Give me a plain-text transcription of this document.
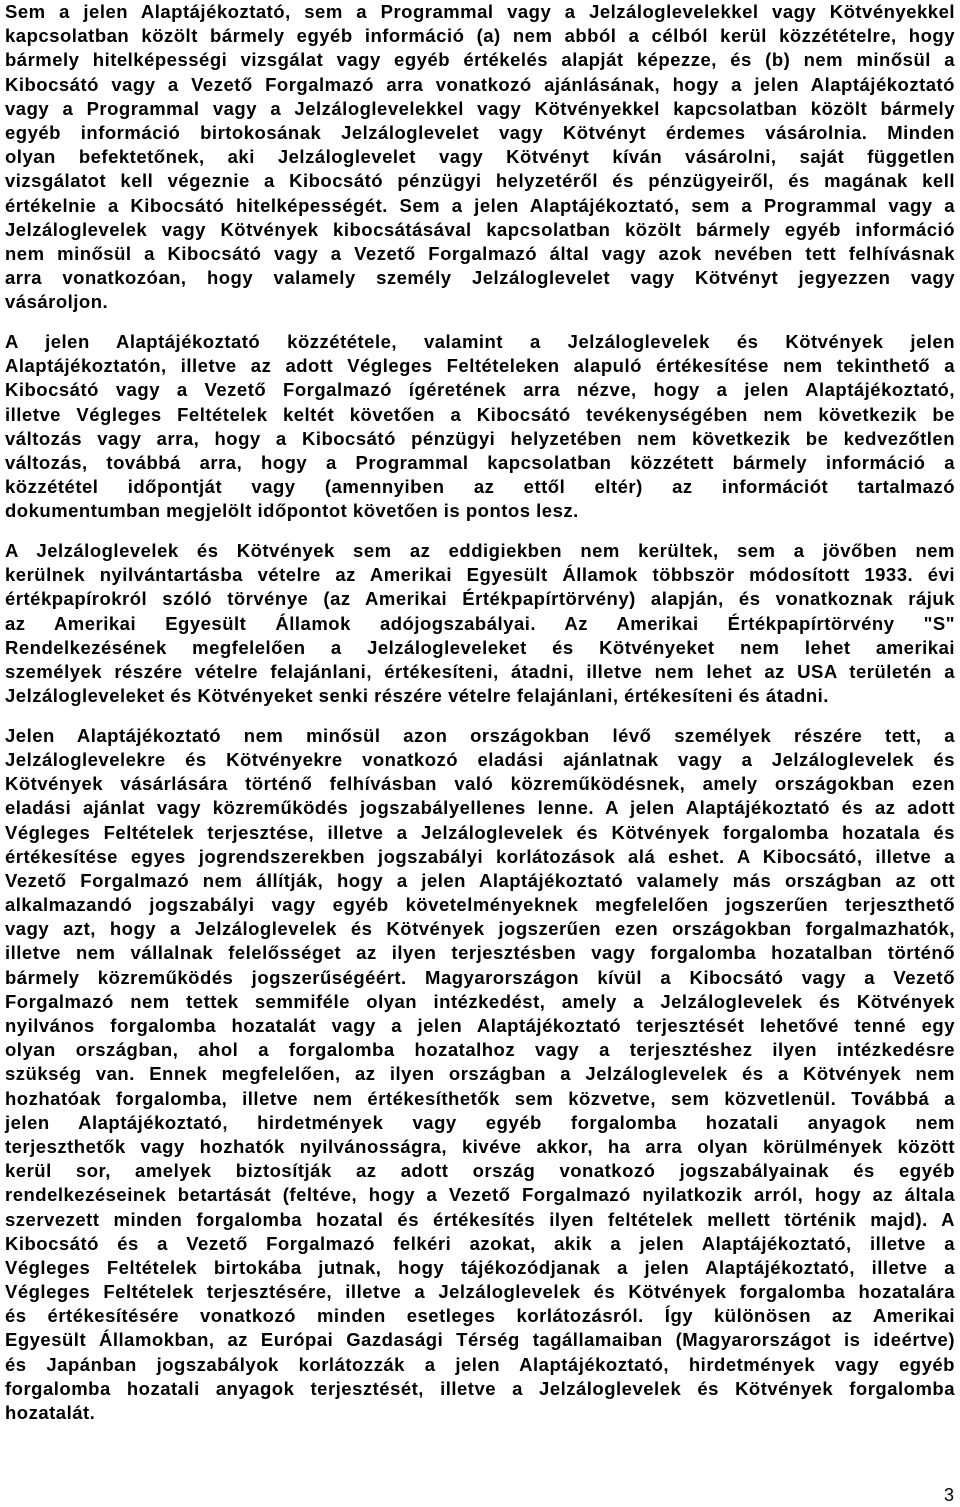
Sem a jelen Alaptájékoztató, sem a Programmal vagy a Jelzáloglevelekkel vagy Kötvényekkel
kapcsolatban közölt bármely egyéb információ (a) nem abból a célból kerül közzétételre, hogy
bármely hitelképességi vizsgálat vagy egyéb értékelés alapját képezze, és (b) nem minősül a
Kibocsátó vagy a Vezető Forgalmazó arra vonatkozó ajánlásának, hogy a jelen Alaptájékoztató
vagy a Programmal vagy a Jelzáloglevelekkel vagy Kötvényekkel kapcsolatban közölt bármely
egyéb információ birtokosának Jelzáloglevelet vagy Kötvényt érdemes vásárolnia. Minden
olyan befektetőnek, aki Jelzáloglevelet vagy Kötvényt kíván vásárolni, saját független
vizsgálatot kell végeznie a Kibocsátó pénzügyi helyzetéről és pénzügyeiről, és magának kell
értékelnie a Kibocsátó hitelképességét. Sem a jelen Alaptájékoztató, sem a Programmal vagy a
Jelzáloglevelek vagy Kötvények kibocsátásával kapcsolatban közölt bármely egyéb információ
nem minősül a Kibocsátó vagy a Vezető Forgalmazó által vagy azok nevében tett felhívásnak
arra vonatkozóan, hogy valamely személy Jelzáloglevelet vagy Kötvényt jegyezzen vagy
vásároljon.
A jelen Alaptájékoztató közzététele, valamint a Jelzáloglevelek és Kötvények jelen
Alaptájékoztatón, illetve az adott Végleges Feltételeken alapuló értékesítése nem tekinthető a
Kibocsátó vagy a Vezető Forgalmazó ígéretének arra nézve, hogy a jelen Alaptájékoztató,
illetve Végleges Feltételek keltét követően a Kibocsátó tevékenységében nem következik be
változás vagy arra, hogy a Kibocsátó pénzügyi helyzetében nem következik be kedvezőtlen
változás, továbbá arra, hogy a Programmal kapcsolatban közzétett bármely információ a
közzététel időpontját vagy (amennyiben az ettől eltér) az információt tartalmazó
dokumentumban megjelölt időpontot követően is pontos lesz.
A Jelzáloglevelek és Kötvények sem az eddigiekben nem kerültek, sem a jövőben nem
kerülnek nyilvántartásba vételre az Amerikai Egyesült Államok többször módosított 1933. évi
értékpapírokról szóló törvénye (az Amerikai Értékpapírtörvény) alapján, és vonatkoznak rájuk
az Amerikai Egyesült Államok adójogszabályai. Az Amerikai Értékpapírtörvény "S"
Rendelkezésének megfelelően a Jelzálogleveleket és Kötvényeket nem lehet amerikai
személyek részére vételre felajánlani, értékesíteni, átadni, illetve nem lehet az USA területén a
Jelzálogleveleket és Kötvényeket senki részére vételre felajánlani, értékesíteni és átadni.
Jelen Alaptájékoztató nem minősül azon országokban lévő személyek részére tett, a
Jelzáloglevelekre és Kötvényekre vonatkozó eladási ajánlatnak vagy a Jelzáloglevelek és
Kötvények vásárlására történő felhívásban való közreműködésnek, amely országokban ezen
eladási ajánlat vagy közreműködés jogszabályellenes lenne. A jelen Alaptájékoztató és az adott
Végleges Feltételek terjesztése, illetve a Jelzáloglevelek és Kötvények forgalomba hozatala és
értékesítése egyes jogrendszerekben jogszabályi korlátozások alá eshet. A Kibocsátó, illetve a
Vezető Forgalmazó nem állítják, hogy a jelen Alaptájékoztató valamely más országban az ott
alkalmazandó jogszabályi vagy egyéb követelményeknek megfelelően jogszerűen terjeszthető
vagy azt, hogy a Jelzáloglevelek és Kötvények jogszerűen ezen országokban forgalmazhatók,
illetve nem vállalnak felelősséget az ilyen terjesztésben vagy forgalomba hozatalban történő
bármely közreműködés jogszerűségéért. Magyarországon kívül a Kibocsátó vagy a Vezető
Forgalmazó nem tettek semmiféle olyan intézkedést, amely a Jelzáloglevelek és Kötvények
nyilvános forgalomba hozatalát vagy a jelen Alaptájékoztató terjesztését lehetővé tenné egy
olyan országban, ahol a forgalomba hozatalhoz vagy a terjesztéshez ilyen intézkedésre
szükség van. Ennek megfelelően, az ilyen országban a Jelzáloglevelek és a Kötvények nem
hozhatóak forgalomba, illetve nem értékesíthetők sem közvetve, sem közvetlenül. Továbbá a
jelen Alaptájékoztató, hirdetmények vagy egyéb forgalomba hozatali anyagok nem
terjeszthetők vagy hozhatók nyilvánosságra, kivéve akkor, ha arra olyan körülmények között
kerül sor, amelyek biztosítják az adott ország vonatkozó jogszabályainak és egyéb
rendelkezéseinek betartását (feltéve, hogy a Vezető Forgalmazó nyilatkozik arról, hogy az általa
szervezett minden forgalomba hozatal és értékesítés ilyen feltételek mellett történik majd). A
Kibocsátó és a Vezető Forgalmazó felkéri azokat, akik a jelen Alaptájékoztató, illetve a
Végleges Feltételek birtokába jutnak, hogy tájékozódjanak a jelen Alaptájékoztató, illetve a
Végleges Feltételek terjesztésére, illetve a Jelzáloglevelek és Kötvények forgalomba hozatalára
és értékesítésére vonatkozó minden esetleges korlátozásról. Így különösen az Amerikai
Egyesült Államokban, az Európai Gazdasági Térség tagállamaiban (Magyarországot is ideértve)
és Japánban jogszabályok korlátozzák a jelen Alaptájékoztató, hirdetmények vagy egyéb
forgalomba hozatali anyagok terjesztését, illetve a Jelzáloglevelek és Kötvények forgalomba
hozatalát.
3
